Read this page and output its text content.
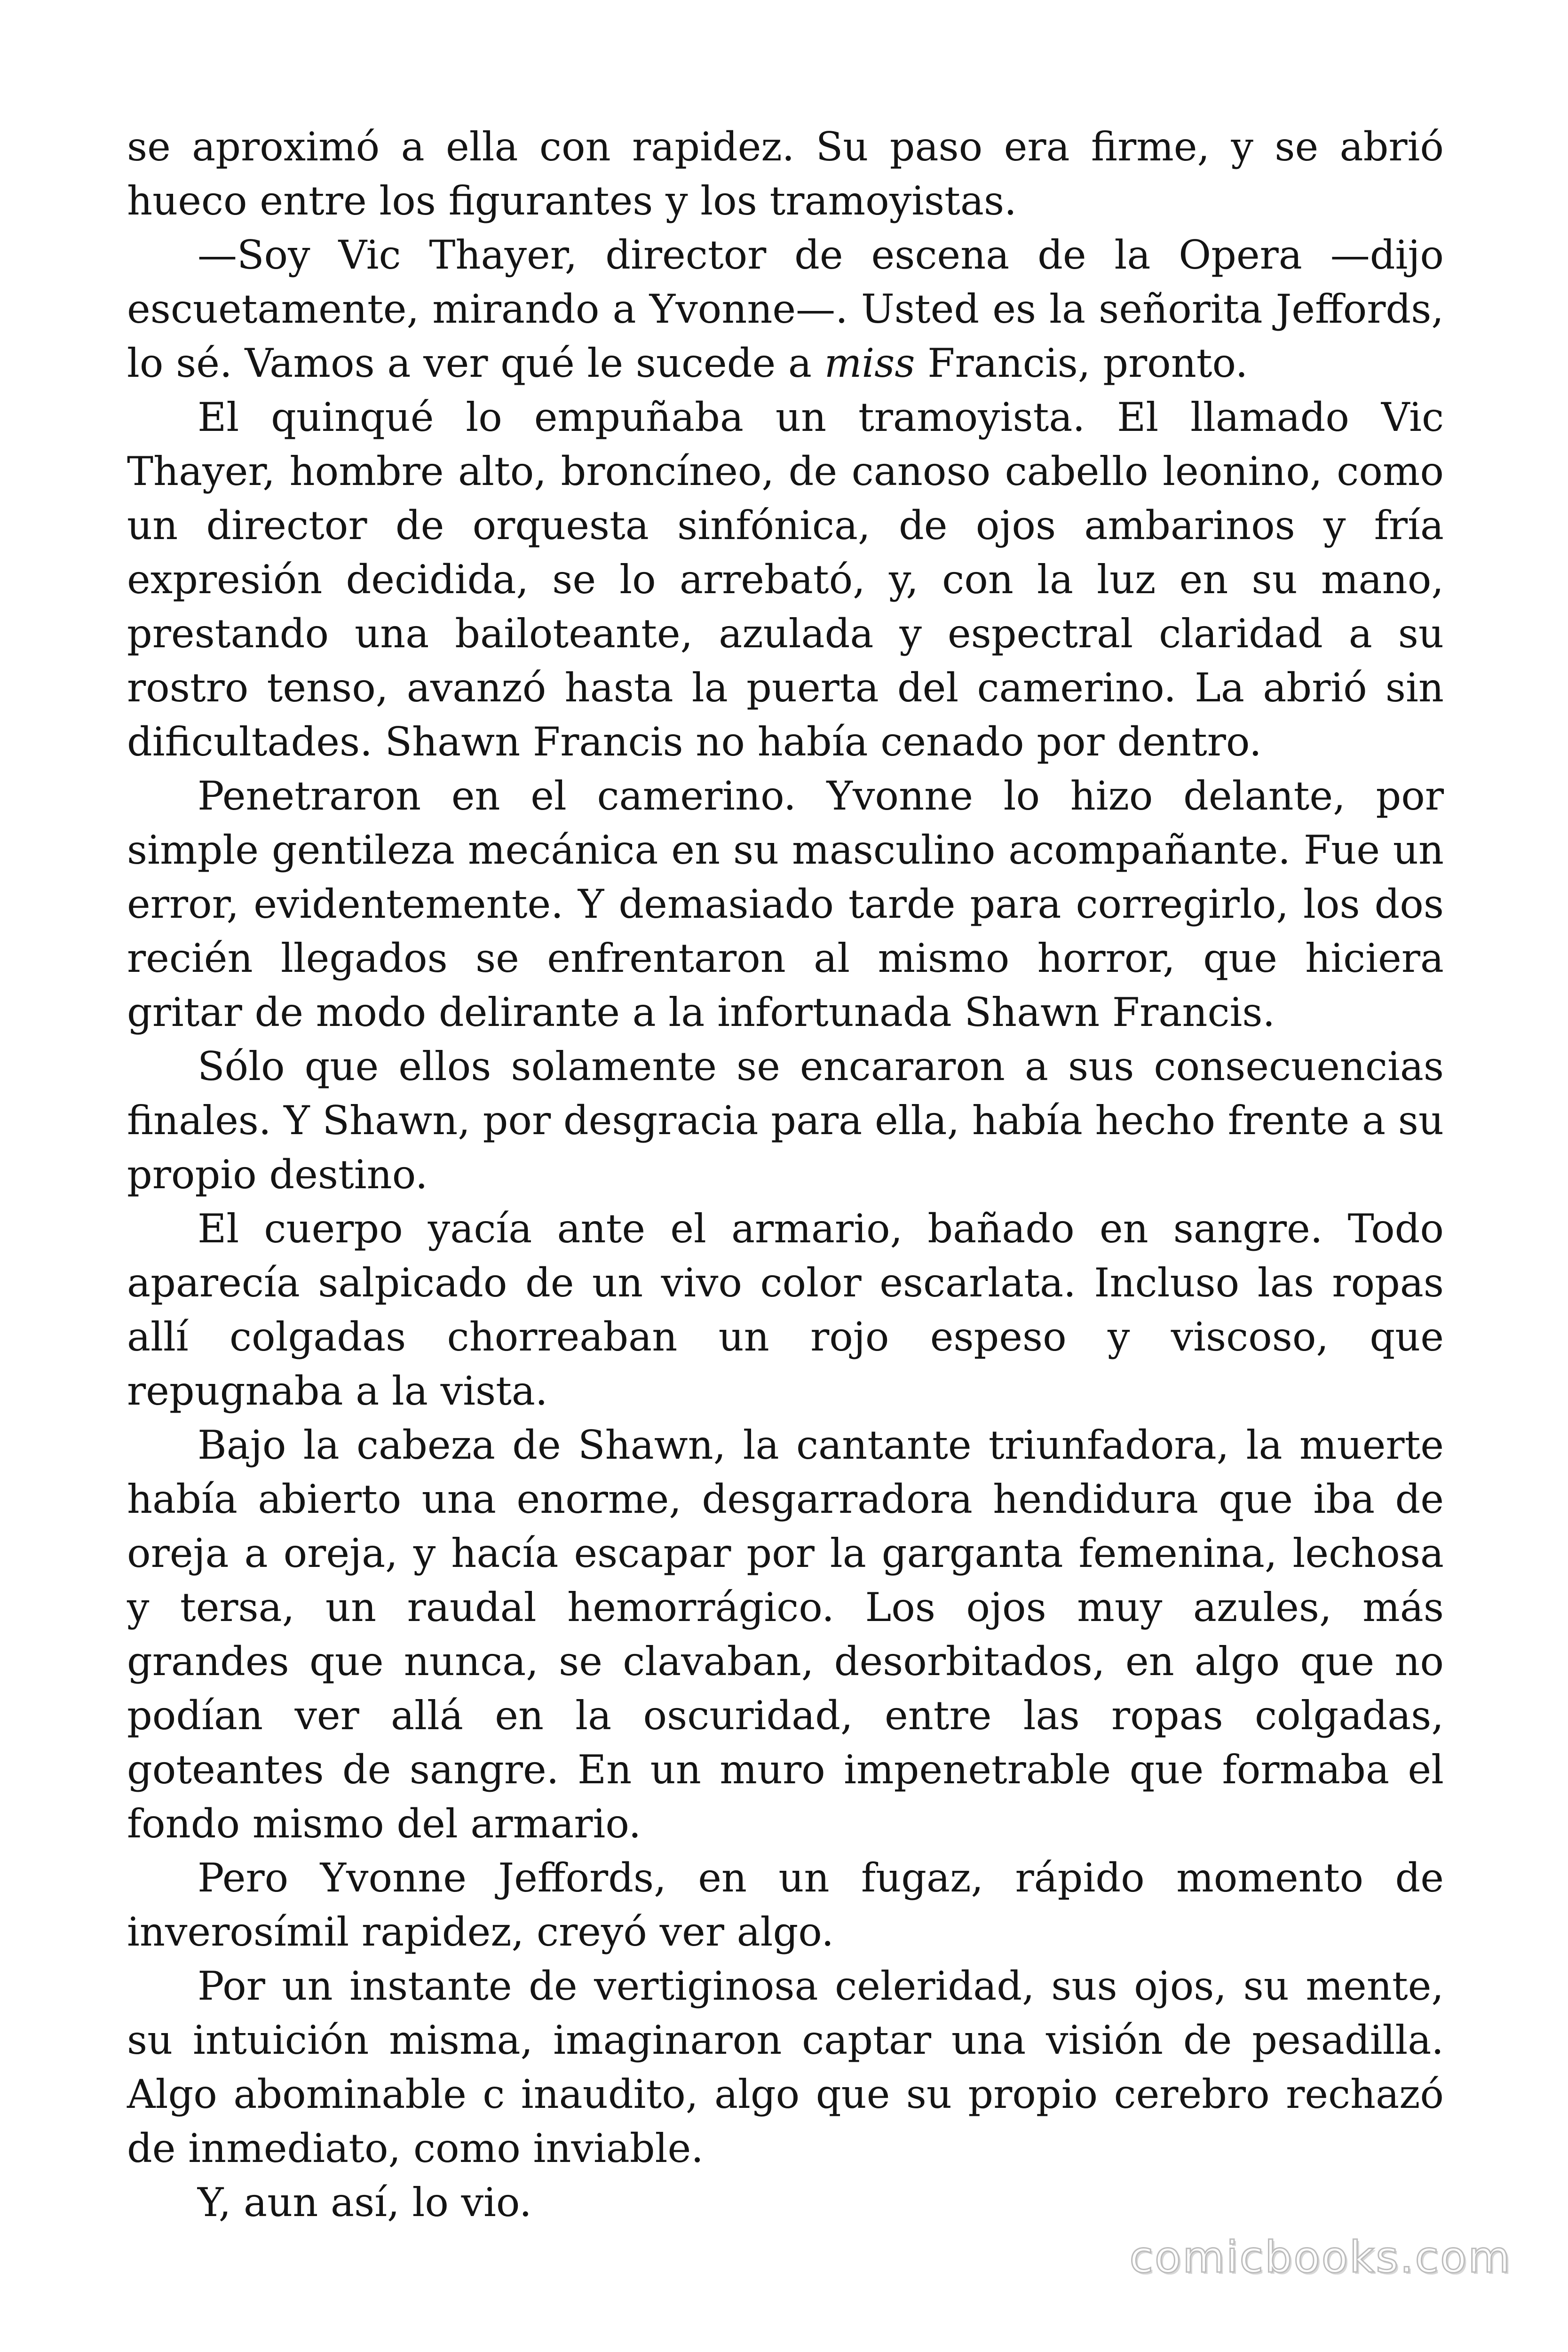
se aproximó a ella con rapidez. Su paso era firme, y se abrió hueco entre los figurantes y los tramoyistas.

—Soy Vic Thayer, director de escena de la Opera —dijo escuetamente, mirando a Yvonne—. Usted es la señorita Jeffords, lo sé. Vamos a ver qué le sucede a miss Francis, pronto.

El quinqué lo empuñaba un tramoyista. El llamado Vic Thayer, hombre alto, broncíneo, de canoso cabello leonino, como un director de orquesta sinfónica, de ojos ambarinos y fría expresión decidida, se lo arrebató, y, con la luz en su mano, prestando una bailoteante, azulada y espectral claridad a su rostro tenso, avanzó hasta la puerta del camerino. La abrió sin dificultades. Shawn Francis no había cenado por dentro.

Penetraron en el camerino. Yvonne lo hizo delante, por simple gentileza mecánica en su masculino acompañante. Fue un error, evidentemente. Y demasiado tarde para corregirlo, los dos recién llegados se enfrentaron al mismo horror, que hiciera gritar de modo delirante a la infortunada Shawn Francis.

Sólo que ellos solamente se encararon a sus consecuencias finales. Y Shawn, por desgracia para ella, había hecho frente a su propio destino.

El cuerpo yacía ante el armario, bañado en sangre. Todo aparecía salpicado de un vivo color escarlata. Incluso las ropas allí colgadas chorreaban un rojo espeso y viscoso, que repugnaba a la vista.

Bajo la cabeza de Shawn, la cantante triunfadora, la muerte había abierto una enorme, desgarradora hendidura que iba de oreja a oreja, y hacía escapar por la garganta femenina, lechosa y tersa, un raudal hemorrágico. Los ojos muy azules, más grandes que nunca, se clavaban, desorbitados, en algo que no podían ver allá en la oscuridad, entre las ropas colgadas, goteantes de sangre. En un muro impenetrable que formaba el fondo mismo del armario.

Pero Yvonne Jeffords, en un fugaz, rápido momento de inverosímil rapidez, creyó ver algo.

Por un instante de vertiginosa celeridad, sus ojos, su mente, su intuición misma, imaginaron captar una visión de pesadilla. Algo abominable c inaudito, algo que su propio cerebro rechazó de inmediato, como inviable.

Y, aun así, lo vio.

comicbooks.com
